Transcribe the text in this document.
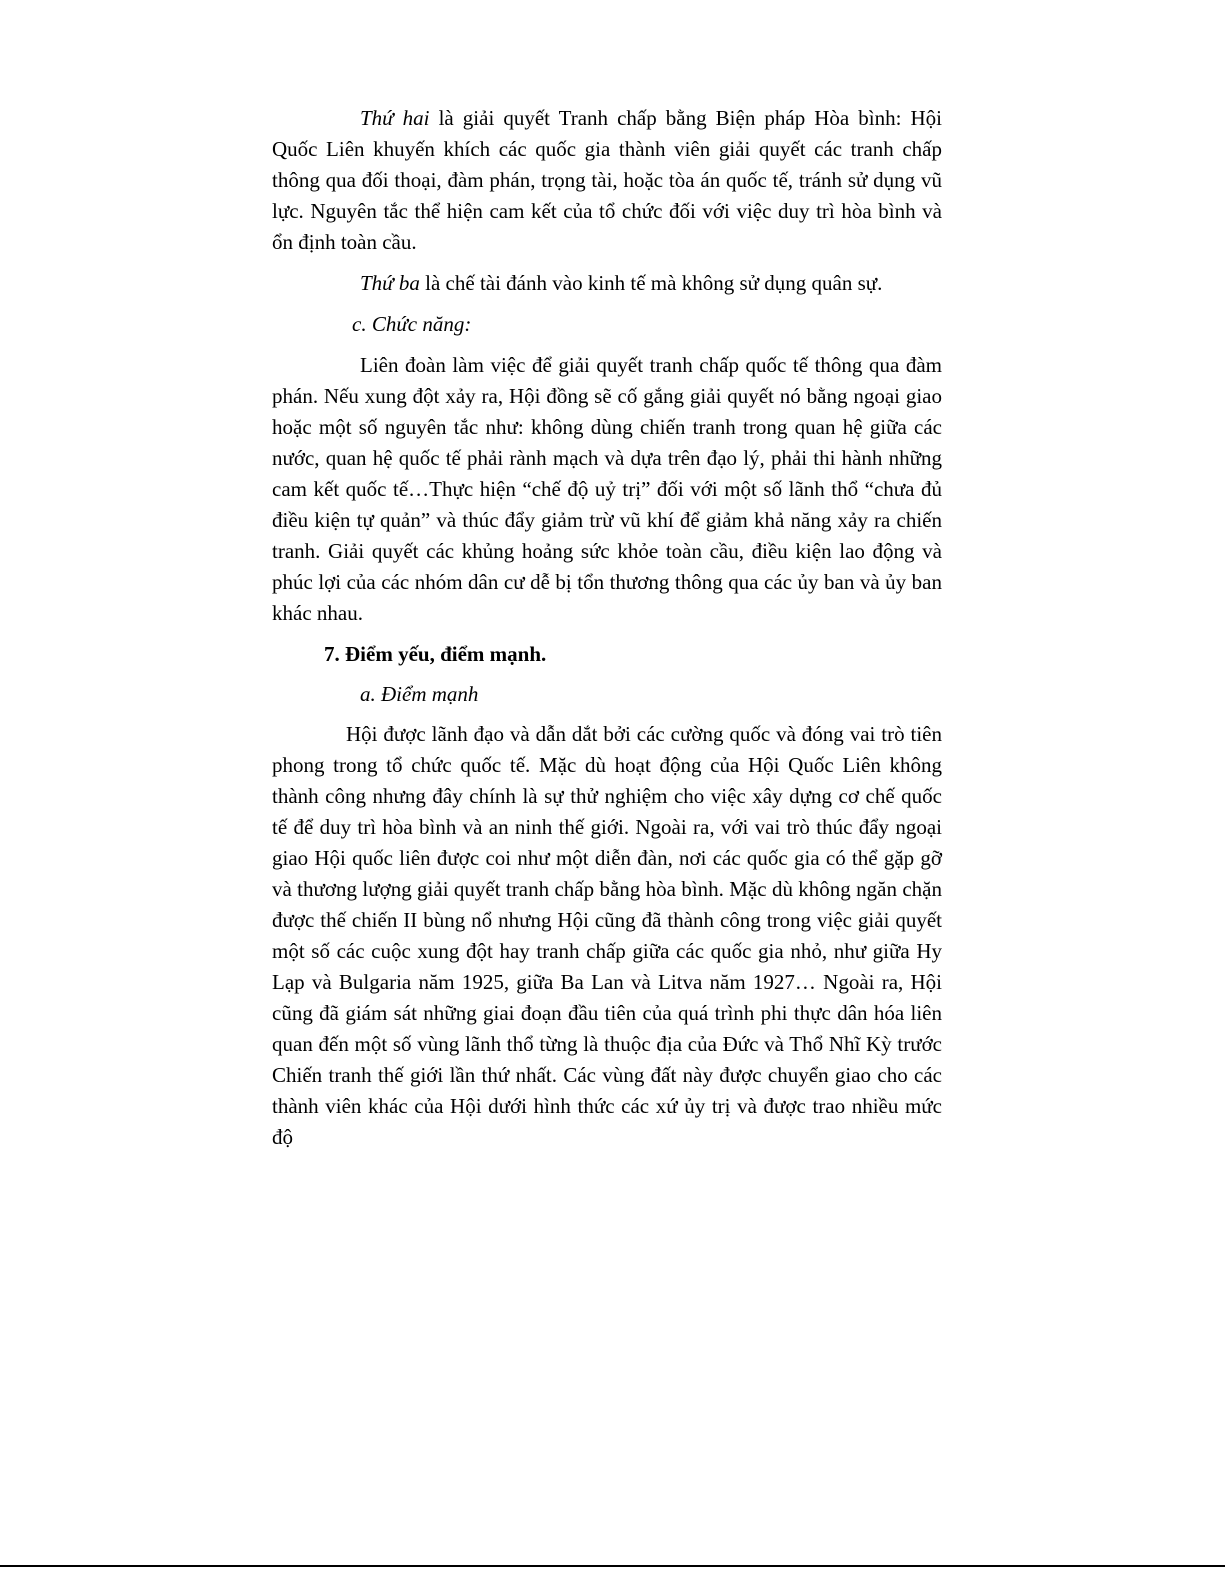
Thứ hai là giải quyết Tranh chấp bằng Biện pháp Hòa bình: Hội Quốc Liên khuyến khích các quốc gia thành viên giải quyết các tranh chấp thông qua đối thoại, đàm phán, trọng tài, hoặc tòa án quốc tế, tránh sử dụng vũ lực. Nguyên tắc thể hiện cam kết của tổ chức đối với việc duy trì hòa bình và ổn định toàn cầu.

Thứ ba là chế tài đánh vào kinh tế mà không sử dụng quân sự.

c. Chức năng:

Liên đoàn làm việc để giải quyết tranh chấp quốc tế thông qua đàm phán. Nếu xung đột xảy ra, Hội đồng sẽ cố gắng giải quyết nó bằng ngoại giao hoặc một số nguyên tắc như: không dùng chiến tranh trong quan hệ giữa các nước, quan hệ quốc tế phải rành mạch và dựa trên đạo lý, phải thi hành những cam kết quốc tế…Thực hiện “chế độ uỷ trị” đối với một số lãnh thổ “chưa đủ điều kiện tự quản” và thúc đẩy giảm trừ vũ khí để giảm khả năng xảy ra chiến tranh. Giải quyết các khủng hoảng sức khỏe toàn cầu, điều kiện lao động và phúc lợi của các nhóm dân cư dễ bị tổn thương thông qua các ủy ban và ủy ban khác nhau.

7. Điểm yếu, điểm mạnh.

a. Điểm mạnh

Hội được lãnh đạo và dẫn dắt bởi các cường quốc và đóng vai trò tiên phong trong tổ chức quốc tế. Mặc dù hoạt động của Hội Quốc Liên không thành công nhưng đây chính là sự thử nghiệm cho việc xây dựng cơ chế quốc tế để duy trì hòa bình và an ninh thế giới. Ngoài ra, với vai trò thúc đẩy ngoại giao Hội quốc liên được coi như một diễn đàn, nơi các quốc gia có thể gặp gỡ và thương lượng giải quyết tranh chấp bằng hòa bình. Mặc dù không ngăn chặn được thế chiến II bùng nổ nhưng Hội cũng đã thành công trong việc giải quyết một số các cuộc xung đột hay tranh chấp giữa các quốc gia nhỏ, như giữa Hy Lạp và Bulgaria năm 1925, giữa Ba Lan và Litva năm 1927… Ngoài ra, Hội cũng đã giám sát những giai đoạn đầu tiên của quá trình phi thực dân hóa liên quan đến một số vùng lãnh thổ từng là thuộc địa của Đức và Thổ Nhĩ Kỳ trước Chiến tranh thế giới lần thứ nhất. Các vùng đất này được chuyển giao cho các thành viên khác của Hội dưới hình thức các xứ ủy trị và được trao nhiều mức độ
